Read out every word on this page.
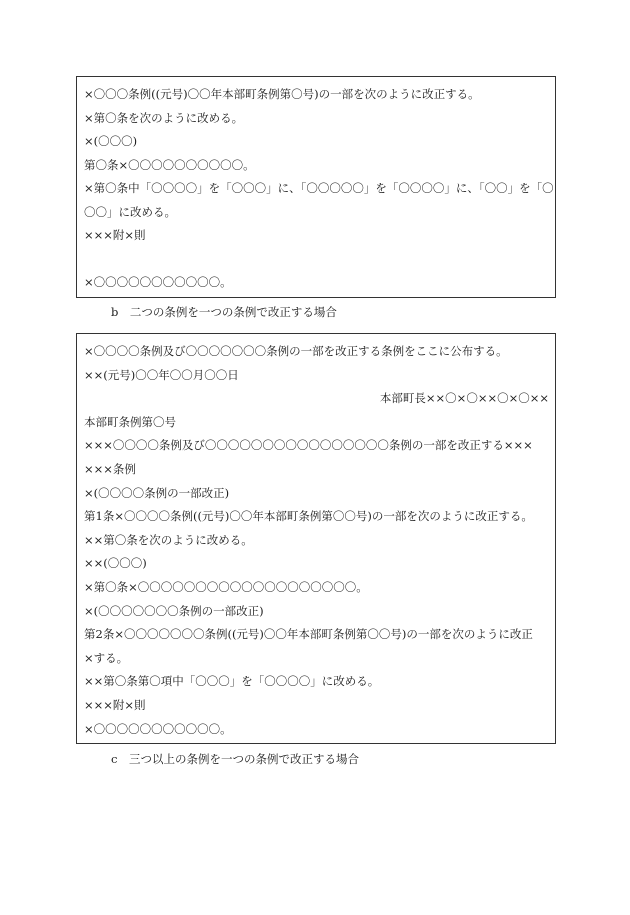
×〇〇〇条例((元号)〇〇年本部町条例第〇号)の一部を次のように改正する。
×第〇条を次のように改める。
×(〇〇〇)
第〇条×〇〇〇〇〇〇〇〇〇〇。
×第〇条中「〇〇〇〇」を「〇〇〇」に、「〇〇〇〇〇」を「〇〇〇〇」に、「〇〇」を「〇
〇〇」に改める。
×××附×則
×〇〇〇〇〇〇〇〇〇〇〇。
b　二つの条例を一つの条例で改正する場合
×〇〇〇〇条例及び〇〇〇〇〇〇〇条例の一部を改正する条例をここに公布する。
××(元号)〇〇年〇〇月〇〇日
本部町長××〇×〇××〇×〇××
本部町条例第〇号
×××〇〇〇〇条例及び〇〇〇〇〇〇〇〇〇〇〇〇〇〇〇〇条例の一部を改正する×××
×××条例
×(〇〇〇〇条例の一部改正)
第1条×〇〇〇〇条例((元号)〇〇年本部町条例第〇〇号)の一部を次のように改正する。
××第〇条を次のように改める。
××(〇〇〇)
×第〇条×〇〇〇〇〇〇〇〇〇〇〇〇〇〇〇〇〇〇〇。
×(〇〇〇〇〇〇〇条例の一部改正)
第2条×〇〇〇〇〇〇〇条例((元号)〇〇年本部町条例第〇〇号)の一部を次のように改正
×する。
××第〇条第〇項中「〇〇〇」を「〇〇〇〇」に改める。
×××附×則
×〇〇〇〇〇〇〇〇〇〇〇。
c　三つ以上の条例を一つの条例で改正する場合
